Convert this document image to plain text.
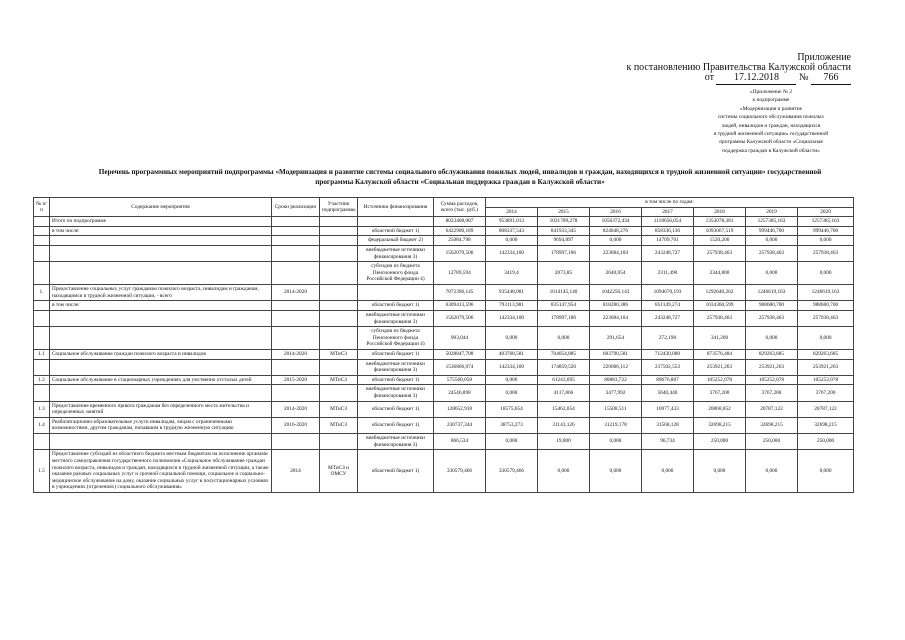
Приложение
к постановлению Правительства Калужской области
от 17.12.2018 № 766
«Приложение № 2
к подпрограмме
«Модернизация и развитие
системы социального обслуживания пожилых
людей, инвалидов и граждан, находящихся
в трудной жизненной ситуации» государственной
программы Калужской области «Социальная
поддержка граждан в Калужской области»
Перечень программных мероприятий подпрограммы «Модернизация и развитие системы социального обслуживания пожилых людей, инвалидов и граждан, находящихся в трудной жизненной ситуации» государственной
программы Калужской области «Социальная поддержка граждан в Калужской области»
№ п/п	Содержание мероприятия	Сроки реализации	Участник подпрограммы	Источники финансирования	Сумма расходов, всего (тыс. руб.)	в том числе по годам:						
						2014	2015	2016	2017	2018	2019	2020
	Итого по подпрограмме				8023408,087	953891,013	1031789,278	1050372,434	1118656,054	1353078,381	1257385,163	1257385,163
	в том числе:			областной бюджет 1)	6422906,189	808337,543	841933,345	824048,276	858336,136	1093067,519	999446,700	999446,700
				федеральный бюджет 2)	25084,798	0,000	9694,897	0,000	14709,701	1520,200	0,000	0,000
				внебюджетные источники финансирования 3)	1562079,506	142334,100	178997,186	223684,104	243248,727	257938,463	257938,463	257938,463
				субсидии из бюджета Пенсионного фонда Российской Федерации 4)	12789,594	3419,4	2073,85	2640,054	2311,490	2344,800	0,000	0,000
1.	Предоставление социальных услуг гражданам пожилого возраста, инвалидам и гражданам, находящимся в трудной жизненной ситуации, - всего	2014-2020			7872396,145	935448,081	1014145,140	1042256,143	1094670,193	1292640,262	1246619,163	1246619,163
	в том числе:			областной бюджет 1)	6309413,596	793113,981	835147,954	818280,386	851149,274	1034360,599	988680,700	988680,700
				внебюджетные источники финансирования 3)	1562079,506	142334,100	178997,186	223684,104	243248,727	257938,463	257938,463	257938,463
				субсидии из бюджета Пенсионного фонда Российской Федерации 4)	903,044	0,000	0,000	291,654	272,190	341,200	0,000	0,000
1.1	Социальное обслуживание граждан пожилого возраста и инвалидов	2014-2020	МТиСЗ	областной бюджет 1)	5028847,708	403768,581	704054,885	683790,581	712430,000	873576,484	829263,685	829263,685
				внебюджетные источники финансирования 3)	1536866,074	142334,100	174859,520	220006,112	237502,553	253921,263	253921,263	253921,263
1.2	Социальное обслуживание в стационарных учреждениях для умственно отсталых детей	2015-2020	МТиСЗ	областной бюджет 1)	575560,058	0,000	61243,695	80883,722	89676,807	105252,078	105252,078	105252,078
				внебюджетные источники финансирования 3)	24546,898	0,000	4117,866	3477,992	5640,440	3767,200	3767,200	3767,200
1.3	Предоставление временного приюта гражданам без определенного места жительства и определенных занятий	2014-2020	МТиСЗ	областной бюджет 1)	128652,918	18575,654	15462,054	15508,511	16977,433	20868,052	20787,122	20787,122
1.4	Реабилитационно-образовательные услуги инвалидам, лицам с ограниченными возможностями, другим гражданам, попавшим в трудную жизненную ситуацию	2016-2020	МТиСЗ	областной бюджет 1)	230737,344	38753,273	31143,126	31219,178	31568,128	32698,215	32698,215	32698,215
				внебюджетные источники финансирования 3)	866,534	0,000	19,800	0,000	96,734	250,000	250,000	250,000
1.5	Предоставление субсидий из областного бюджета местным бюджетам на исполнение органами местного самоуправления государственного полномочия «Социальное обслуживание граждан пожилого возраста, инвалидов и граждан, находящихся в трудной жизненной ситуации, а также оказание разовых социальных услуг и срочной социальной помощи, социальное и социально-медицинское обслуживание на дому, оказание социальных услуг в полустационарных условиях в учреждениях (отделениях) социального обслуживания»	2014	МТиСЗ и ОМСУ	областной бюджет 1)	330579,466	330579,466	0,000	0,000	0,000	0,000	0,000	0,000
